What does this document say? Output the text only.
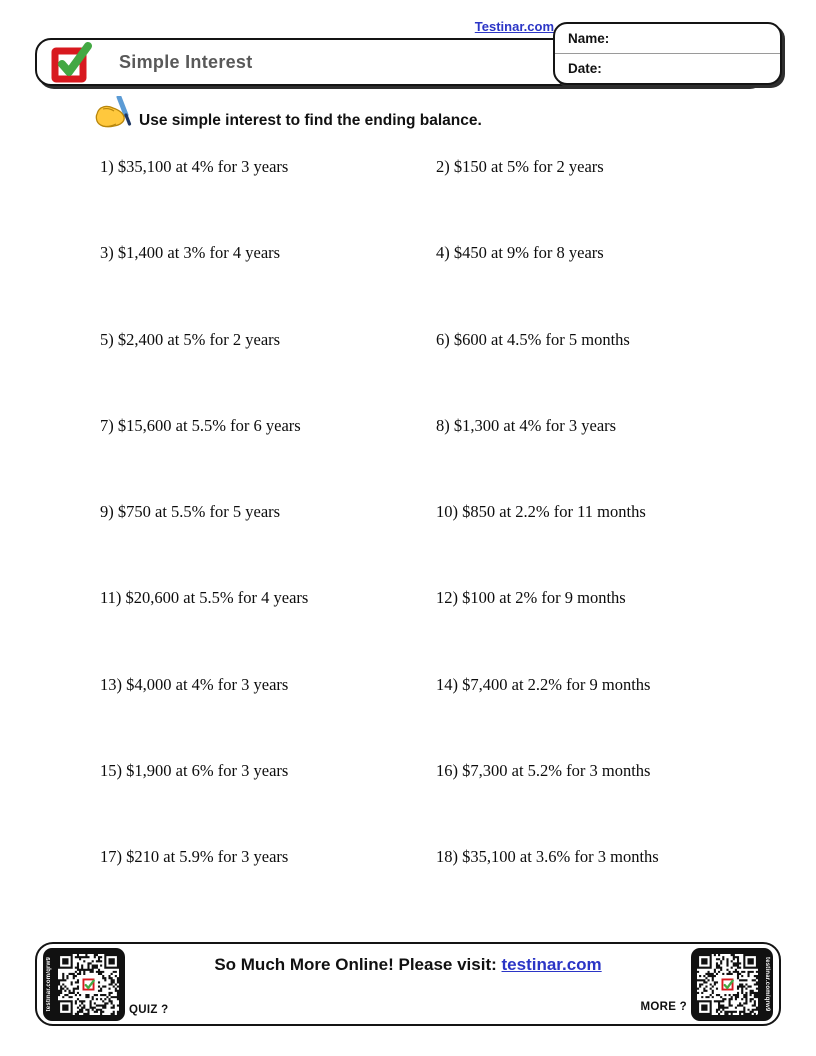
Testinar.com
Simple Interest
Name:
Date:
Use simple interest to find the ending balance.
1) $35,100 at 4% for 3 years	2) $150 at 5% for 2 years
3) $1,400 at 3% for 4 years	4) $450 at 9% for 8 years
5) $2,400 at 5% for 2 years	6) $600 at 4.5% for 5 months
7) $15,600 at 5.5% for 6 years	8) $1,300 at 4% for 3 years
9) $750 at 5.5% for 5 years	10) $850 at 2.2% for 11 months
11) $20,600 at 5.5% for 4 years	12) $100 at 2% for 9 months
13) $4,000 at 4% for 3 years	14) $7,400 at 2.2% for 9 months
15) $1,900 at 6% for 3 years	16) $7,300 at 5.2% for 3 months
17) $210 at 5.9% for 3 years	18) $35,100 at 3.6% for 3 months
testinar.com/qrw9	QUIZ ?
So Much More Online! Please visit: testinar.com
MORE ?	testinar.com/qrw9
